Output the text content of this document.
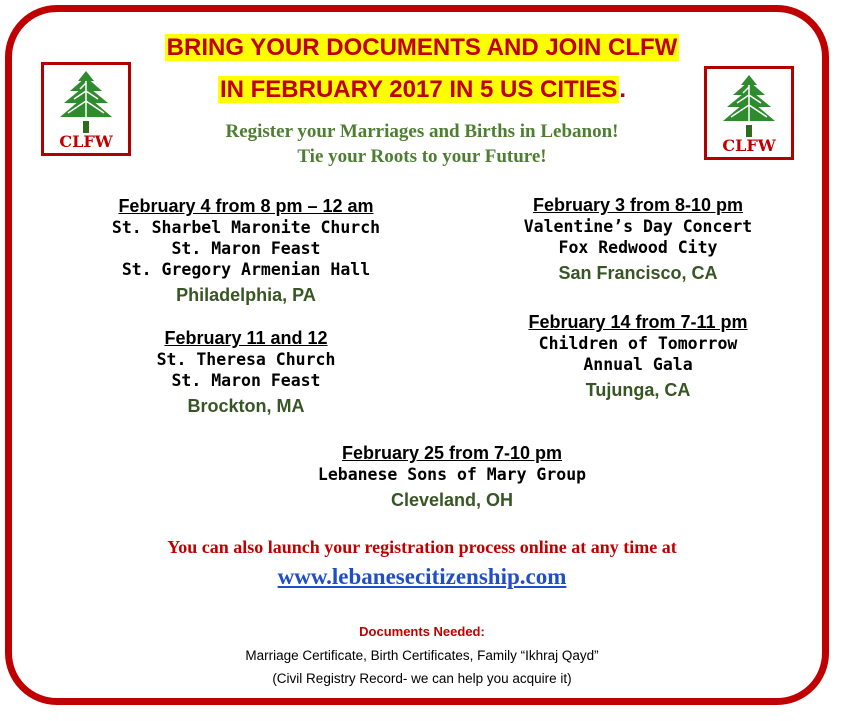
BRING YOUR DOCUMENTS AND JOIN CLFW
IN FEBRUARY 2017 IN 5 US CITIES.
CLFW	CLFW
Register your Marriages and Births in Lebanon!
Tie your Roots to your Future!
February 4 from 8 pm – 12 am
St. Sharbel Maronite Church
St. Maron Feast
St. Gregory Armenian Hall
Philadelphia, PA
February 3 from 8-10 pm
Valentine’s Day Concert
Fox Redwood City
San Francisco, CA
February 11 and 12
St. Theresa Church
St. Maron Feast
Brockton, MA
February 14 from 7-11 pm
Children of Tomorrow
Annual Gala
Tujunga, CA
February 25 from 7-10 pm
Lebanese Sons of Mary Group
Cleveland, OH
You can also launch your registration process online at any time at
www.lebanesecitizenship.com
Documents Needed:
Marriage Certificate, Birth Certificates, Family “Ikhraj Qayd”
(Civil Registry Record- we can help you acquire it)
